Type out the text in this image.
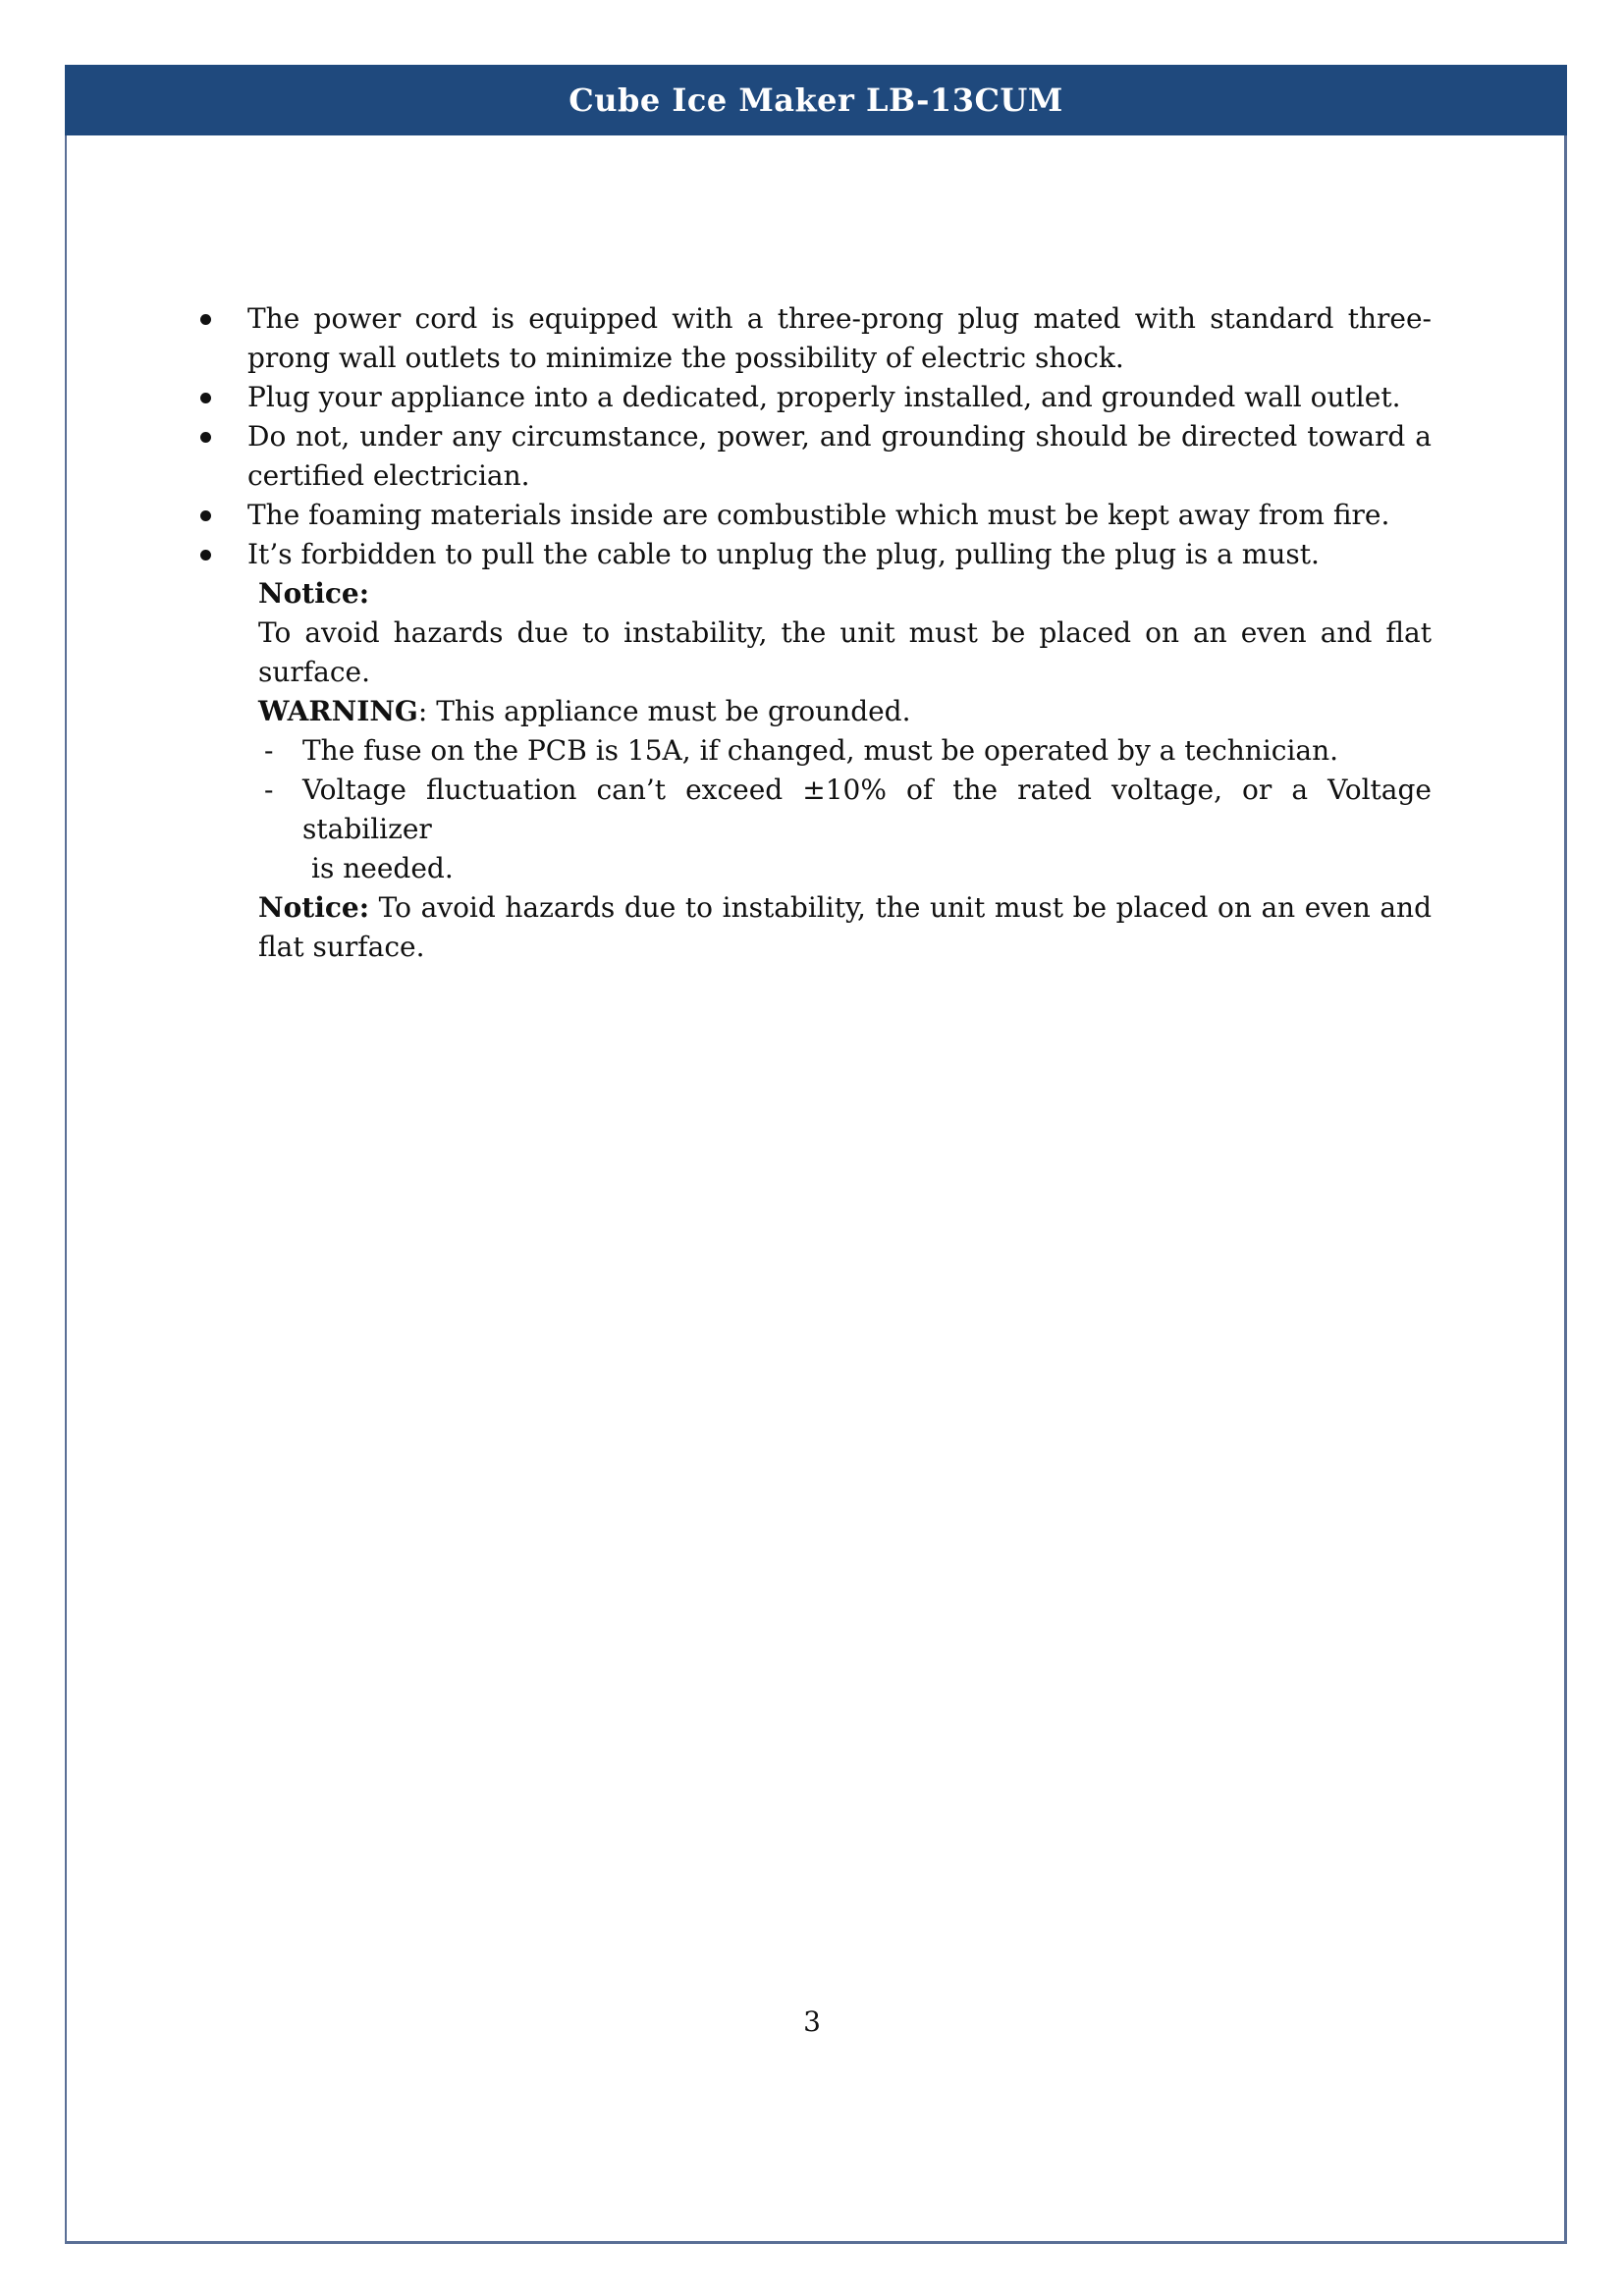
Cube Ice Maker LB-13CUM
The power cord is equipped with a three-prong plug mated with standard three-prong wall outlets to minimize the possibility of electric shock.
Plug your appliance into a dedicated, properly installed, and grounded wall outlet.
Do not, under any circumstance, power, and grounding should be directed toward a certified electrician.
The foaming materials inside are combustible which must be kept away from fire.
It’s forbidden to pull the cable to unplug the plug, pulling the plug is a must.

Notice:

To avoid hazards due to instability, the unit must be placed on an even and flat surface.

WARNING: This appliance must be grounded.

- The fuse on the PCB is 15A, if changed, must be operated by a technician.
- Voltage fluctuation can’t exceed ±10% of the rated voltage, or a Voltage stabilizer
is needed.

Notice: To avoid hazards due to instability, the unit must be placed on an even and flat surface.

3
